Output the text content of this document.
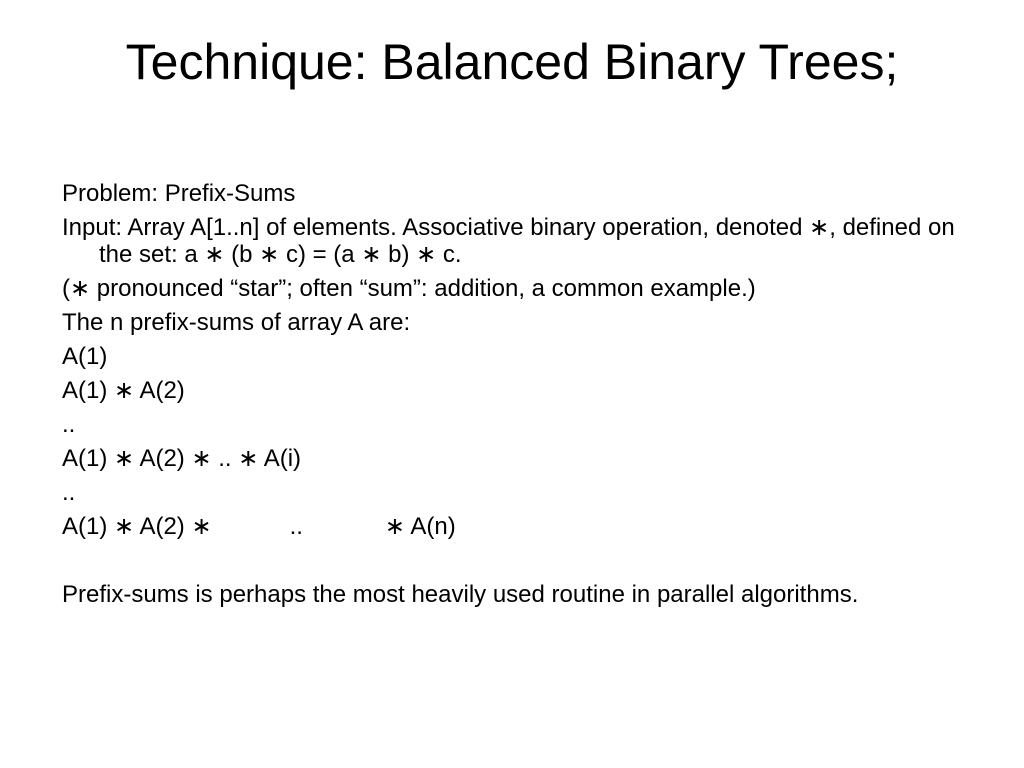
Technique: Balanced Binary Trees;

Problem: Prefix-Sums

Input: Array A[1..n] of elements. Associative binary operation, denoted ∗, defined on the set: a ∗ (b ∗ c) = (a ∗ b) ∗ c.

(∗ pronounced “star”; often “sum”: addition, a common example.)

The n prefix-sums of array A are:

A(1)

A(1) ∗ A(2)

..

A(1) ∗ A(2) ∗ .. ∗ A(i)

..

A(1) ∗ A(2) ∗	..	∗ A(n)

Prefix-sums is perhaps the most heavily used routine in parallel algorithms.
